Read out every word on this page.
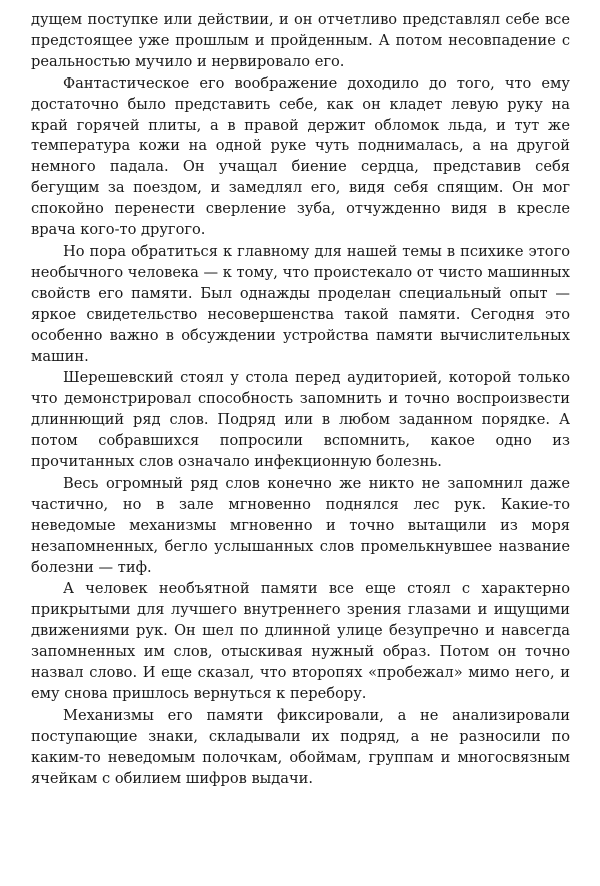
дущем поступке или действии, и он отчетливо представлял себе все предстоящее уже прошлым и пройденным. А потом несовпадение с реальностью мучило и нервировало его.

Фантастическое его воображение доходило до того, что ему достаточно было представить себе, как он кладет левую руку на край горячей плиты, а в правой держит обломок льда, и тут же температура кожи на одной руке чуть поднималась, а на другой немного падала. Он учащал биение сердца, представив себя бегущим за поездом, и замедлял его, видя себя спящим. Он мог спокойно перенести сверление зуба, отчужденно видя в кресле врача кого-то другого.

Но пора обратиться к главному для нашей темы в психике этого необычного человека — к тому, что проистекало от чисто машинных свойств его памяти. Был однажды проделан специальный опыт — яркое свидетельство несовершенства такой памяти. Сегодня это особенно важно в обсуждении устройства памяти вычислительных машин.

Шерешевский стоял у стола перед аудиторией, которой только что демонстрировал способность запомнить и точно воспроизвести длиннющий ряд слов. Подряд или в любом заданном порядке. А потом собравшихся попросили вспомнить, какое одно из прочитанных слов означало инфекционную болезнь.

Весь огромный ряд слов конечно же никто не запомнил даже частично, но в зале мгновенно поднялся лес рук. Какие-то неведомые механизмы мгновенно и точно вытащили из моря незапомненных, бегло услышанных слов промелькнувшее название болезни — тиф.

А человек необъятной памяти все еще стоял с характерно прикрытыми для лучшего внутреннего зрения глазами и ищущими движениями рук. Он шел по длинной улице безупречно и навсегда запомненных им слов, отыскивая нужный образ. Потом он точно назвал слово. И еще сказал, что второпях «пробежал» мимо него, и ему снова пришлось вернуться к перебору.

Механизмы его памяти фиксировали, а не анализировали поступающие знаки, складывали их подряд, а не разносили по каким-то неведомым полочкам, обоймам, группам и многосвязным ячейкам с обилием шифров выдачи.
